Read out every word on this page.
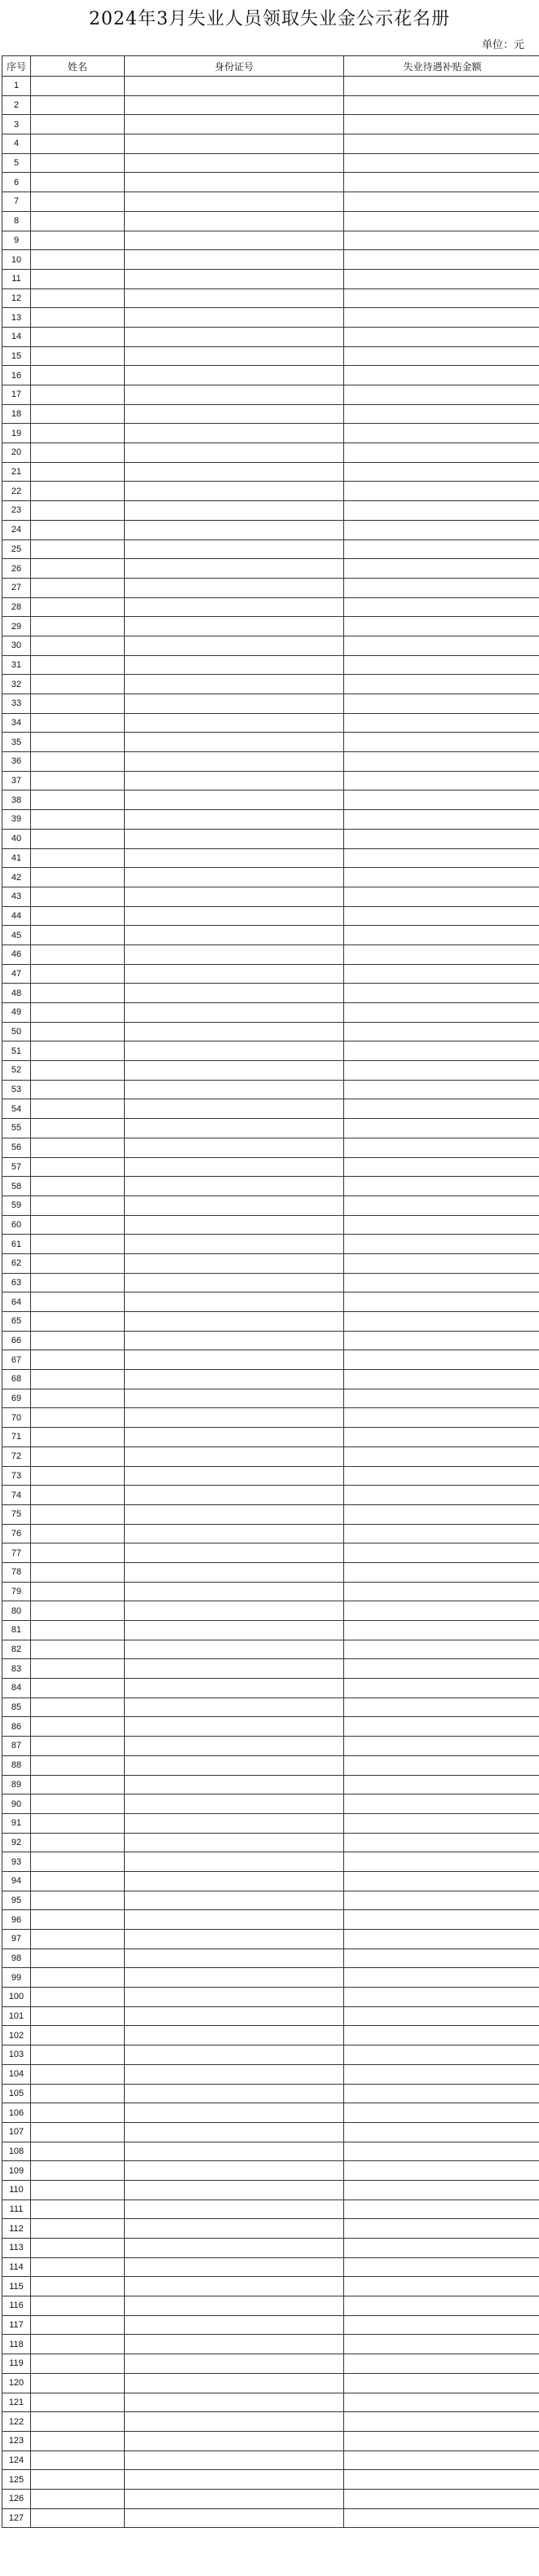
2024年3月失业人员领取失业金公示花名册
单位：元
序号	姓名	身份证号	失业待遇补贴金额
1			
2			
3			
4			
5			
6			
7			
8			
9			
10			
11			
12			
13			
14			
15			
16			
17			
18			
19			
20			
21			
22			
23			
24			
25			
26			
27			
28			
29			
30			
31			
32			
33			
34			
35			
36			
37			
38			
39			
40			
41			
42			
43			
44			
45			
46			
47			
48			
49			
50			
51			
52			
53			
54			
55			
56			
57			
58			
59			
60			
61			
62			
63			
64			
65			
66			
67			
68			
69			
70			
71			
72			
73			
74			
75			
76			
77			
78			
79			
80			
81			
82			
83			
84			
85			
86			
87			
88			
89			
90			
91			
92			
93			
94			
95			
96			
97			
98			
99			
100			
101			
102			
103			
104			
105			
106			
107			
108			
109			
110			
111			
112			
113			
114			
115			
116			
117			
118			
119			
120			
121			
122			
123			
124			
125			
126			
127			
